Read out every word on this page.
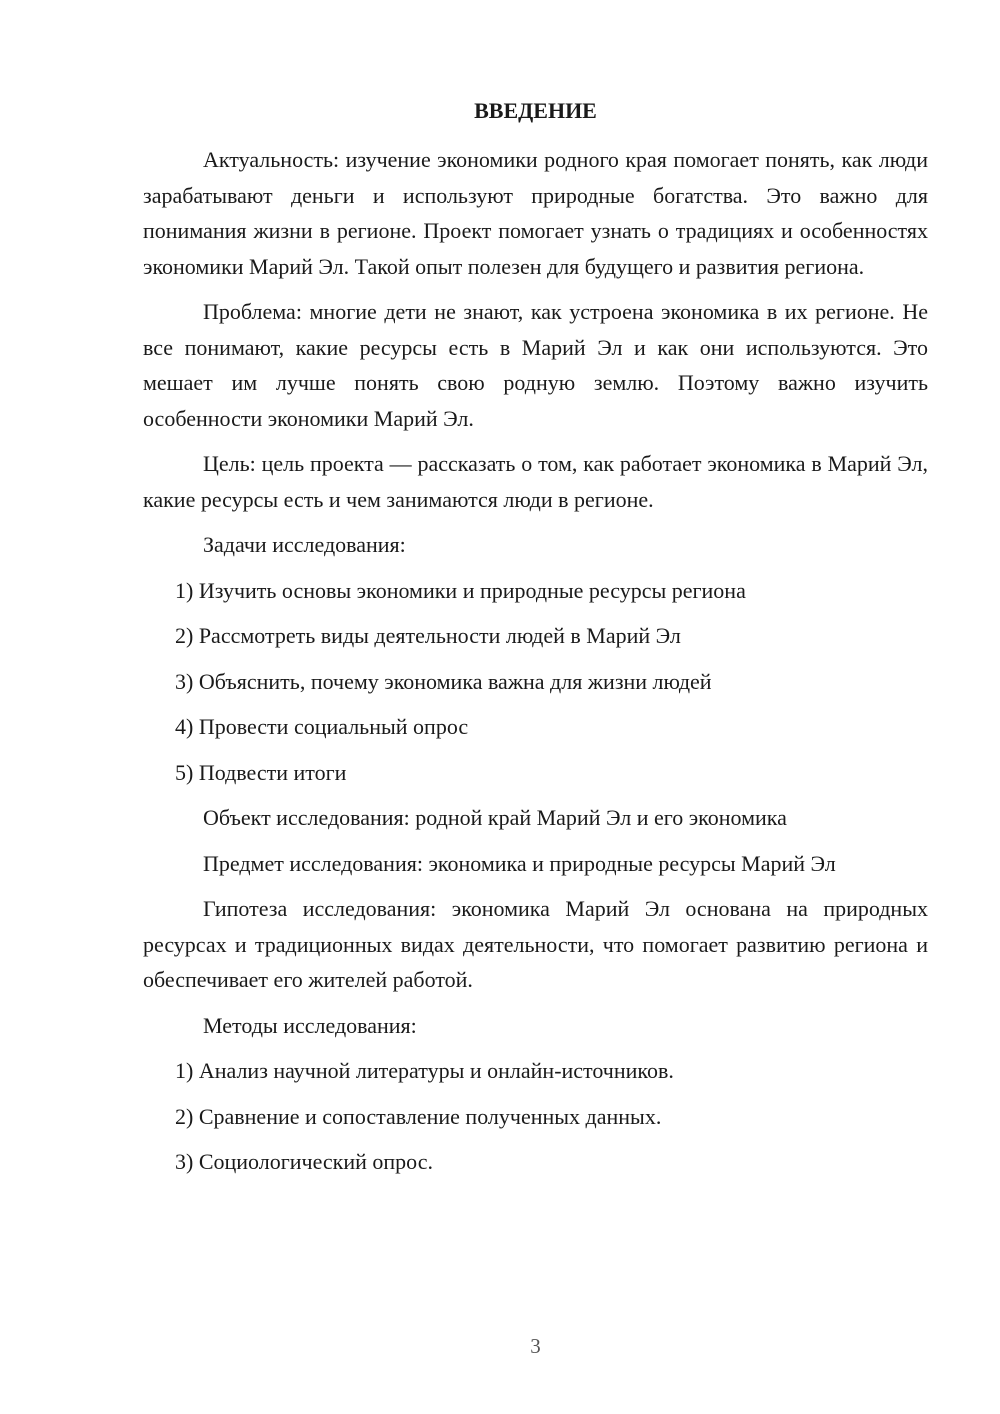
ВВЕДЕНИЕ

Актуальность: изучение экономики родного края помогает понять, как люди зарабатывают деньги и используют природные богатства. Это важно для понимания жизни в регионе. Проект помогает узнать о традициях и особенностях экономики Марий Эл. Такой опыт полезен для будущего и развития региона.

Проблема: многие дети не знают, как устроена экономика в их регионе. Не все понимают, какие ресурсы есть в Марий Эл и как они используются. Это мешает им лучше понять свою родную землю. Поэтому важно изучить особенности экономики Марий Эл.

Цель: цель проекта — рассказать о том, как работает экономика в Марий Эл, какие ресурсы есть и чем занимаются люди в регионе.

Задачи исследования:

1) Изучить основы экономики и природные ресурсы региона

2) Рассмотреть виды деятельности людей в Марий Эл

3) Объяснить, почему экономика важна для жизни людей

4) Провести социальный опрос

5) Подвести итоги

Объект исследования: родной край Марий Эл и его экономика

Предмет исследования: экономика и природные ресурсы Марий Эл

Гипотеза исследования: экономика Марий Эл основана на природных ресурсах и традиционных видах деятельности, что помогает развитию региона и обеспечивает его жителей работой.

Методы исследования:

1) Анализ научной литературы и онлайн-источников.

2) Сравнение и сопоставление полученных данных.

3) Социологический опрос.

3
